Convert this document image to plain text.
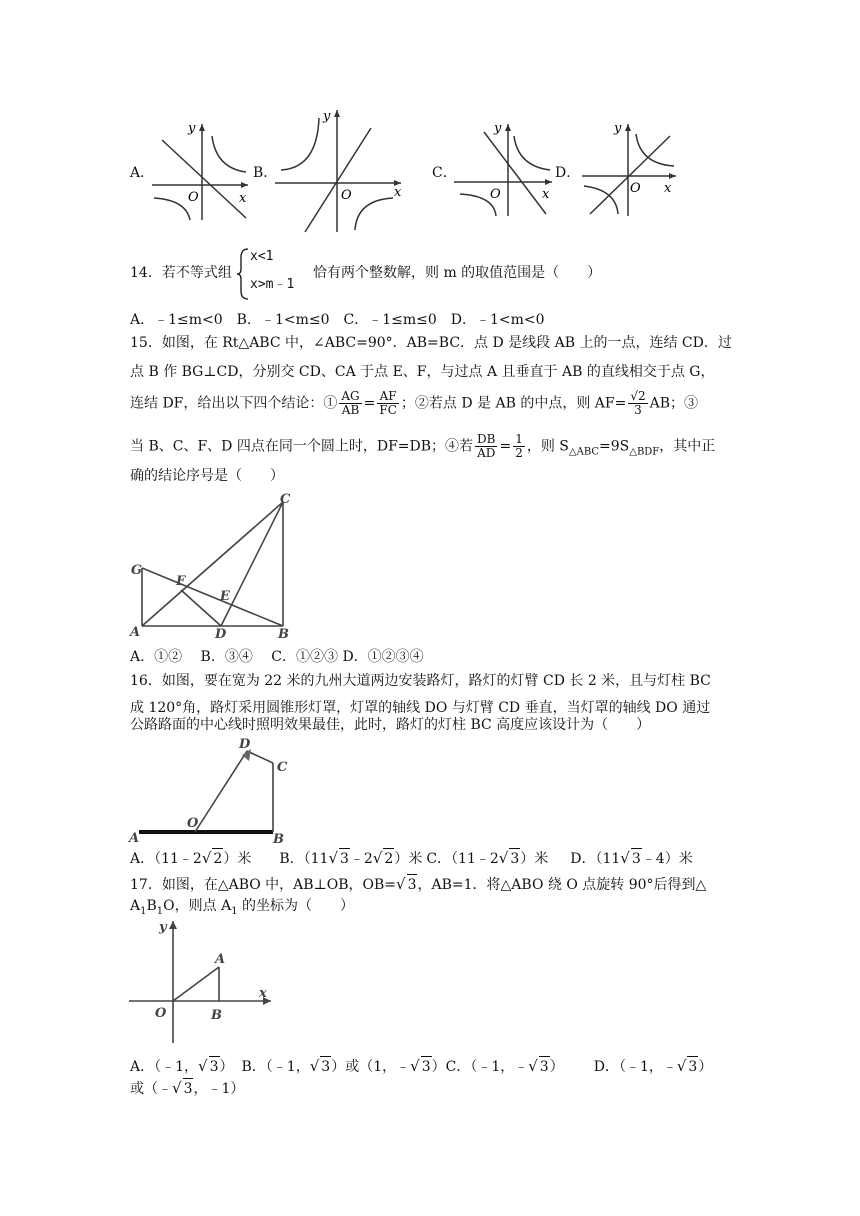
A．
y
x
O
B．
y
x
O
C．
y
x
O
D．
y
x
O
14．若不等式组
x<1
x>m﹣1
恰有两个整数解，则 m 的取值范围是（　　）
A．﹣1≤m<0　B．﹣1<m≤0　C．﹣1≤m≤0　D．﹣1<m<0
15．如图，在 Rt△ABC 中，∠ABC=90°．AB=BC．点 D 是线段 AB 上的一点，连结 CD．过
点 B 作 BG⊥CD，分别交 CD、CA 于点 E、F，与过点 A 且垂直于 AB 的直线相交于点 G，
连结 DF，给出以下四个结论：① $\frac{AG}{AB} = \frac{AF}{FC}$ ；②若点 D 是 AB 的中点，则 $AF= \frac{√2}{3}$ AB；③
当 B、C、F、D 四点在同一个圆上时，DF=DB；④若 $\frac{DB}{AD} = \frac{1}{2}$ ，则 $S_{\triangle ABC}=9S_{\triangle BDF}$，其中正
确的结论序号是（　　）
C
G
F
E
A	D	B
A．①②　 B．③④　 C．①②③ D．①②③④
16．如图，要在宽为 22 米的九州大道两边安装路灯，路灯的灯臂 CD 长 2 米，且与灯柱 BC
成 120°角，路灯采用圆锥形灯罩，灯罩的轴线 DO 与灯臂 CD 垂直，当灯罩的轴线 DO 通过
公路路面的中心线时照明效果最佳，此时，路灯的灯柱 BC 高度应该设计为（　　）
D
C
O
A	B
A．（11﹣2√ 2）米 B．（11√ 3﹣2√ 2）米 C．（11﹣2√ 3）米 D．（11√ 3﹣4）米
17．如图，在△ABO 中，AB⊥OB，OB=√ 3，AB=1．将△ABO 绕 O 点旋转 90°后得到△
$A_1B_1O$，则点 $A_1$ 的坐标为（　　）
y
A
x
O	B
A．（﹣1，√ 3） B．（﹣1，√ 3）或（1，﹣√ 3）C．（﹣1，﹣√ 3） D．（﹣1，﹣√ 3）
或（﹣√ 3，﹣1）
